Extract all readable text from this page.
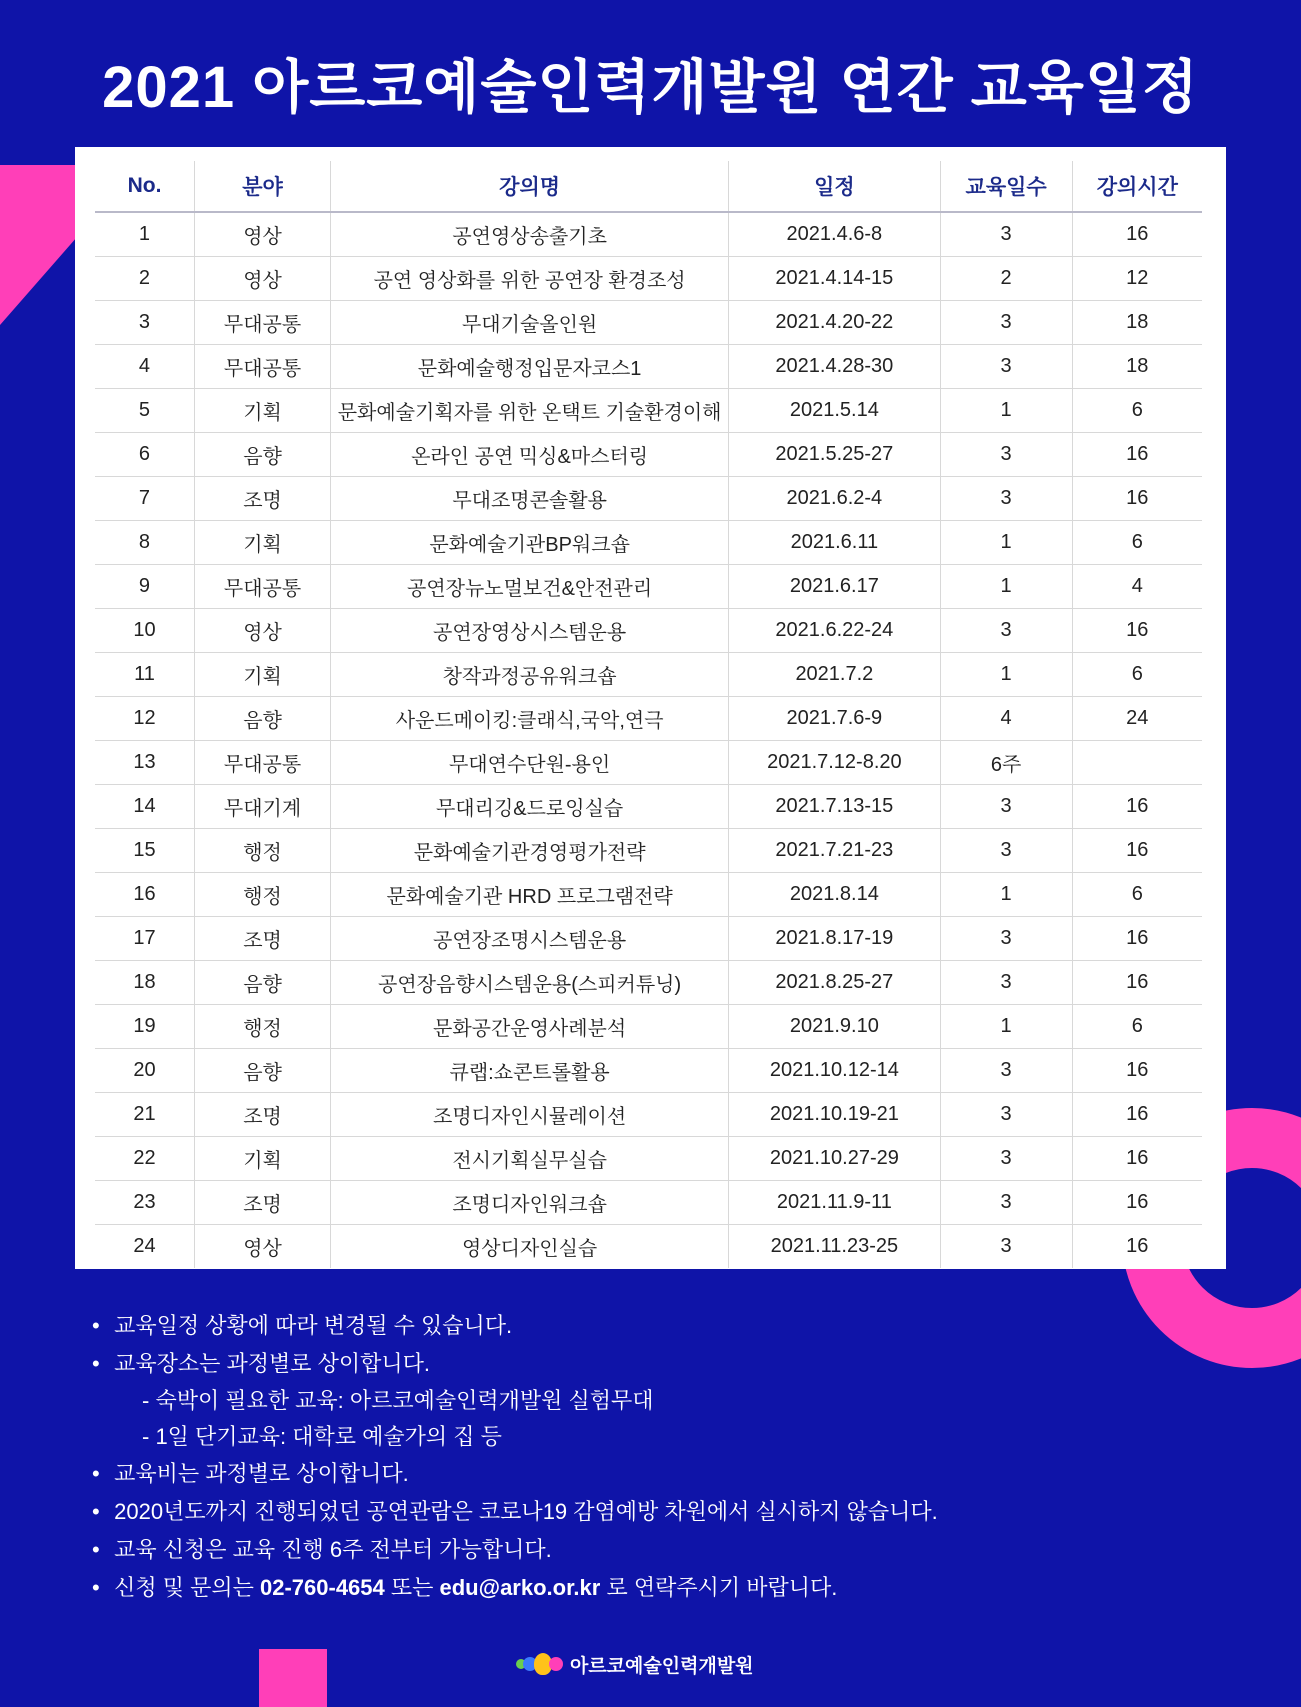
2021 아르코예술인력개발원 연간 교육일정
No.	분야	강의명	일정	교육일수	강의시간
1	영상	공연영상송출기초	2021.4.6-8	3	16
2	영상	공연 영상화를 위한 공연장 환경조성	2021.4.14-15	2	12
3	무대공통	무대기술올인원	2021.4.20-22	3	18
4	무대공통	문화예술행정입문자코스1	2021.4.28-30	3	18
5	기획	문화예술기획자를 위한 온택트 기술환경이해	2021.5.14	1	6
6	음향	온라인 공연 믹싱&마스터링	2021.5.25-27	3	16
7	조명	무대조명콘솔활용	2021.6.2-4	3	16
8	기획	문화예술기관BP워크숍	2021.6.11	1	6
9	무대공통	공연장뉴노멀보건&안전관리	2021.6.17	1	4
10	영상	공연장영상시스템운용	2021.6.22-24	3	16
11	기획	창작과정공유워크숍	2021.7.2	1	6
12	음향	사운드메이킹:클래식,국악,연극	2021.7.6-9	4	24
13	무대공통	무대연수단원-용인	2021.7.12-8.20	6주	
14	무대기계	무대리깅&드로잉실습	2021.7.13-15	3	16
15	행정	문화예술기관경영평가전략	2021.7.21-23	3	16
16	행정	문화예술기관 HRD 프로그램전략	2021.8.14	1	6
17	조명	공연장조명시스템운용	2021.8.17-19	3	16
18	음향	공연장음향시스템운용(스피커튜닝)	2021.8.25-27	3	16
19	행정	문화공간운영사례분석	2021.9.10	1	6
20	음향	큐랩:쇼콘트롤활용	2021.10.12-14	3	16
21	조명	조명디자인시뮬레이션	2021.10.19-21	3	16
22	기획	전시기획실무실습	2021.10.27-29	3	16
23	조명	조명디자인워크숍	2021.11.9-11	3	16
24	영상	영상디자인실습	2021.11.23-25	3	16
• 교육일정 상황에 따라 변경될 수 있습니다.
• 교육장소는 과정별로 상이합니다.
- 숙박이 필요한 교육: 아르코예술인력개발원 실험무대
- 1일 단기교육: 대학로 예술가의 집 등
• 교육비는 과정별로 상이합니다.
• 2020년도까지 진행되었던 공연관람은 코로나19 감염예방 차원에서 실시하지 않습니다.
• 교육 신청은 교육 진행 6주 전부터 가능합니다.
• 신청 및 문의는 02-760-4654 또는 edu@arko.or.kr 로 연락주시기 바랍니다.
아르코예술인력개발원
